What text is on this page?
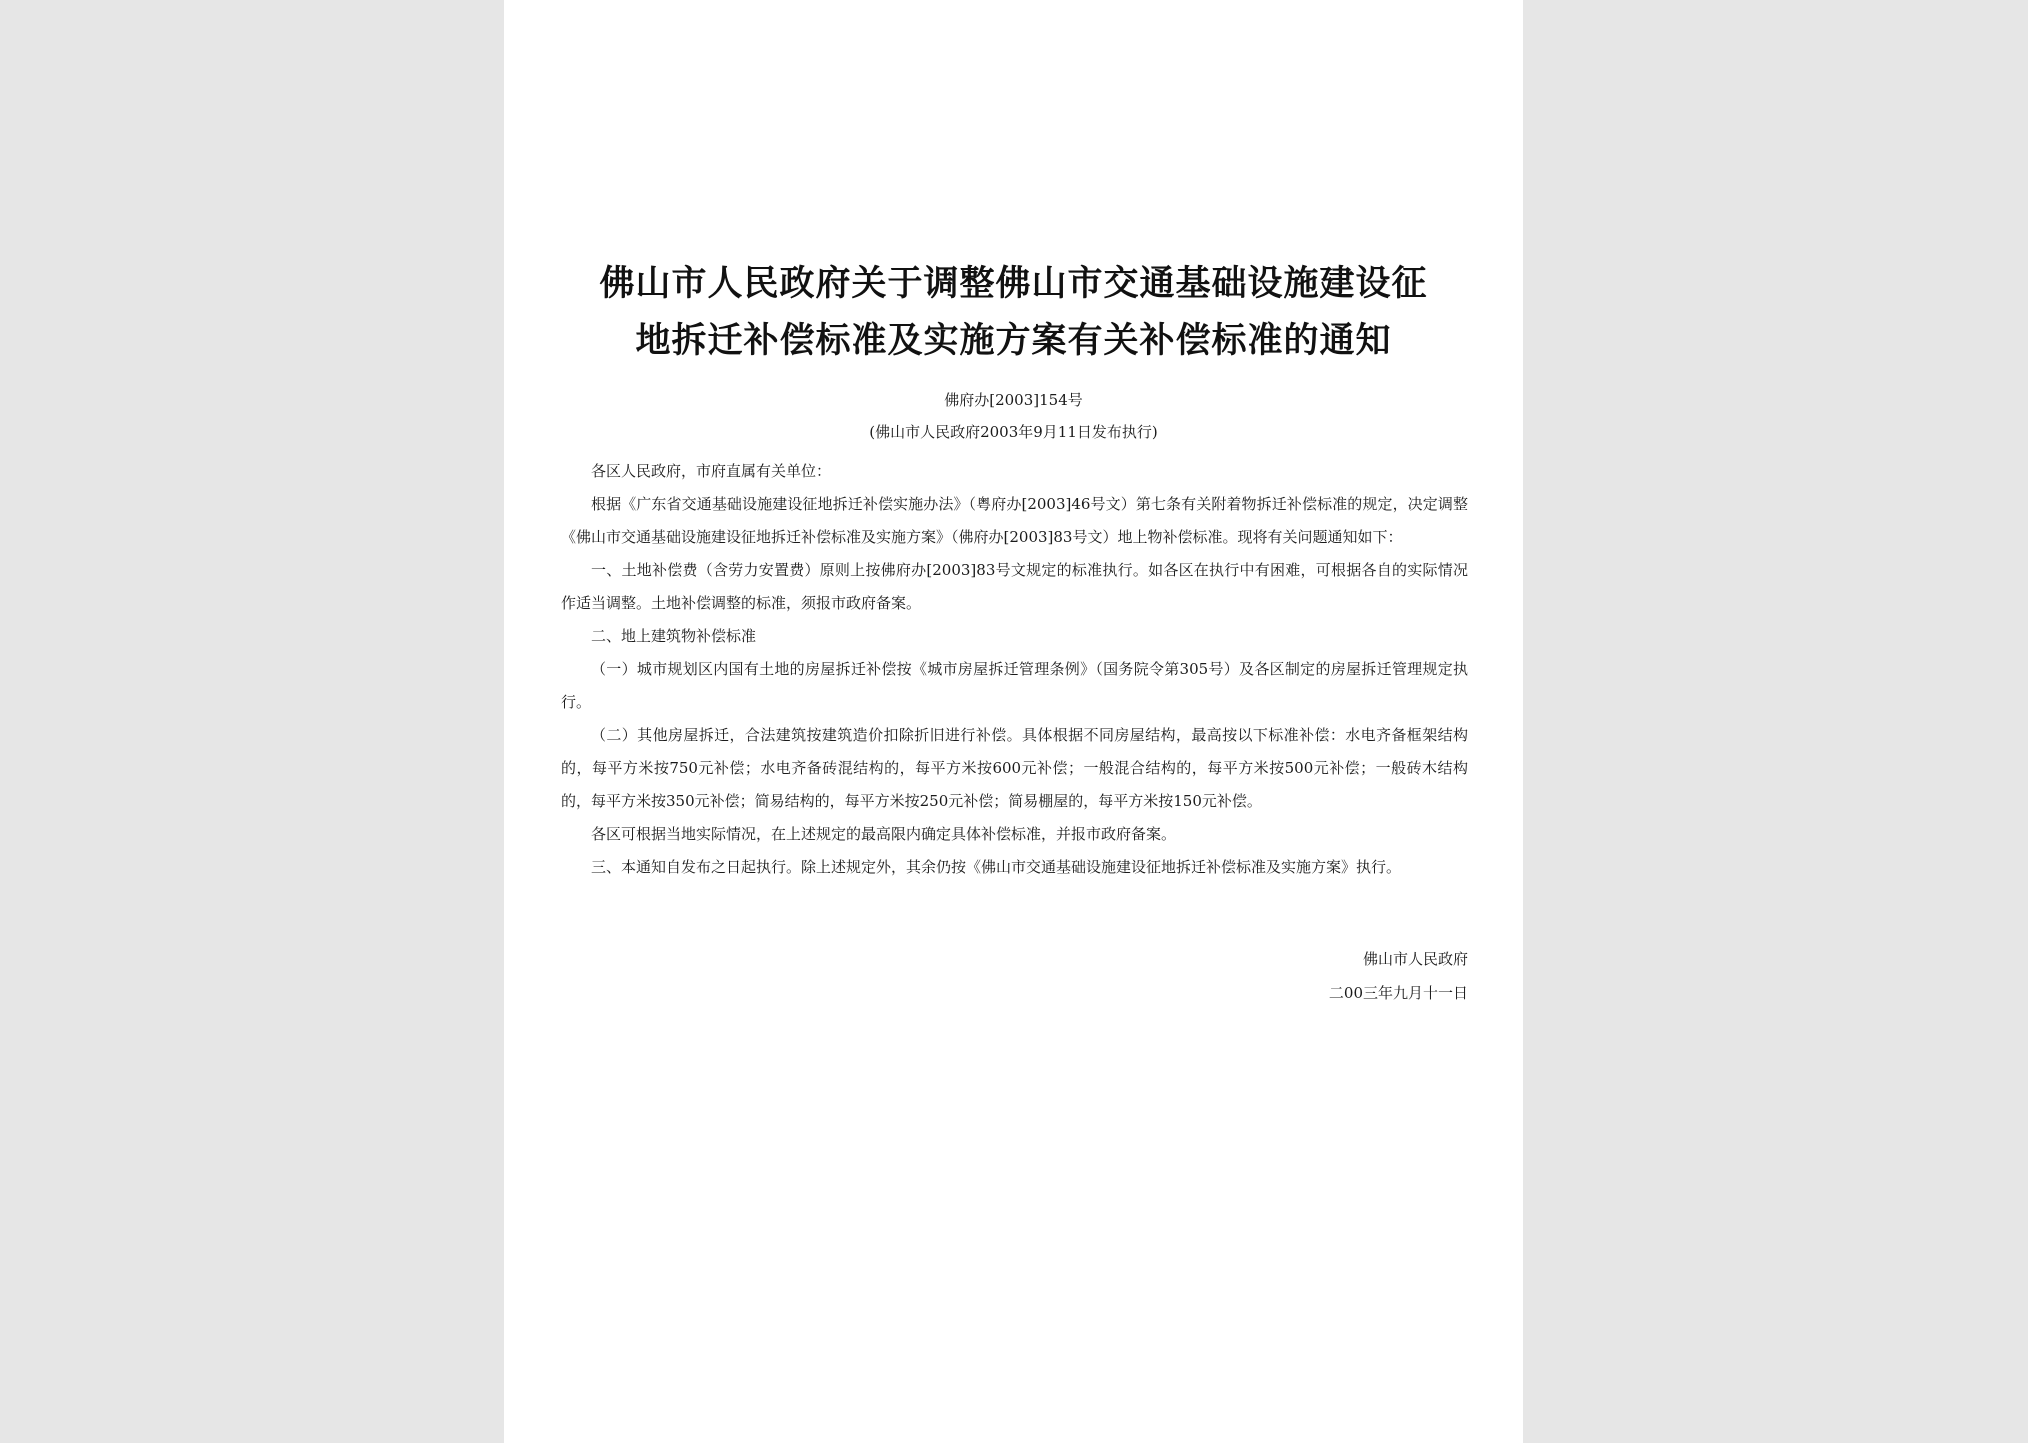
佛山市人民政府关于调整佛山市交通基础设施建设征
地拆迁补偿标准及实施方案有关补偿标准的通知
佛府办[2003]154号
(佛山市人民政府2003年9月11日发布执行)

各区人民政府，市府直属有关单位：

根据《广东省交通基础设施建设征地拆迁补偿实施办法》（粤府办[2003]46号文）第七条有关附着物拆迁补偿标准的规定，决定调整《佛山市交通基础设施建设征地拆迁补偿标准及实施方案》（佛府办[2003]83号文）地上物补偿标准。现将有关问题通知如下：

一、土地补偿费（含劳力安置费）原则上按佛府办[2003]83号文规定的标准执行。如各区在执行中有困难，可根据各自的实际情况作适当调整。土地补偿调整的标准，须报市政府备案。

二、地上建筑物补偿标准

（一）城市规划区内国有土地的房屋拆迁补偿按《城市房屋拆迁管理条例》（国务院令第305号）及各区制定的房屋拆迁管理规定执行。

（二）其他房屋拆迁，合法建筑按建筑造价扣除折旧进行补偿。具体根据不同房屋结构，最高按以下标准补偿：水电齐备框架结构的，每平方米按750元补偿；水电齐备砖混结构的，每平方米按600元补偿；一般混合结构的，每平方米按500元补偿；一般砖木结构的，每平方米按350元补偿；简易结构的，每平方米按250元补偿；简易棚屋的，每平方米按150元补偿。

各区可根据当地实际情况，在上述规定的最高限内确定具体补偿标准，并报市政府备案。

三、本通知自发布之日起执行。除上述规定外，其余仍按《佛山市交通基础设施建设征地拆迁补偿标准及实施方案》执行。

佛山市人民政府
二00三年九月十一日
